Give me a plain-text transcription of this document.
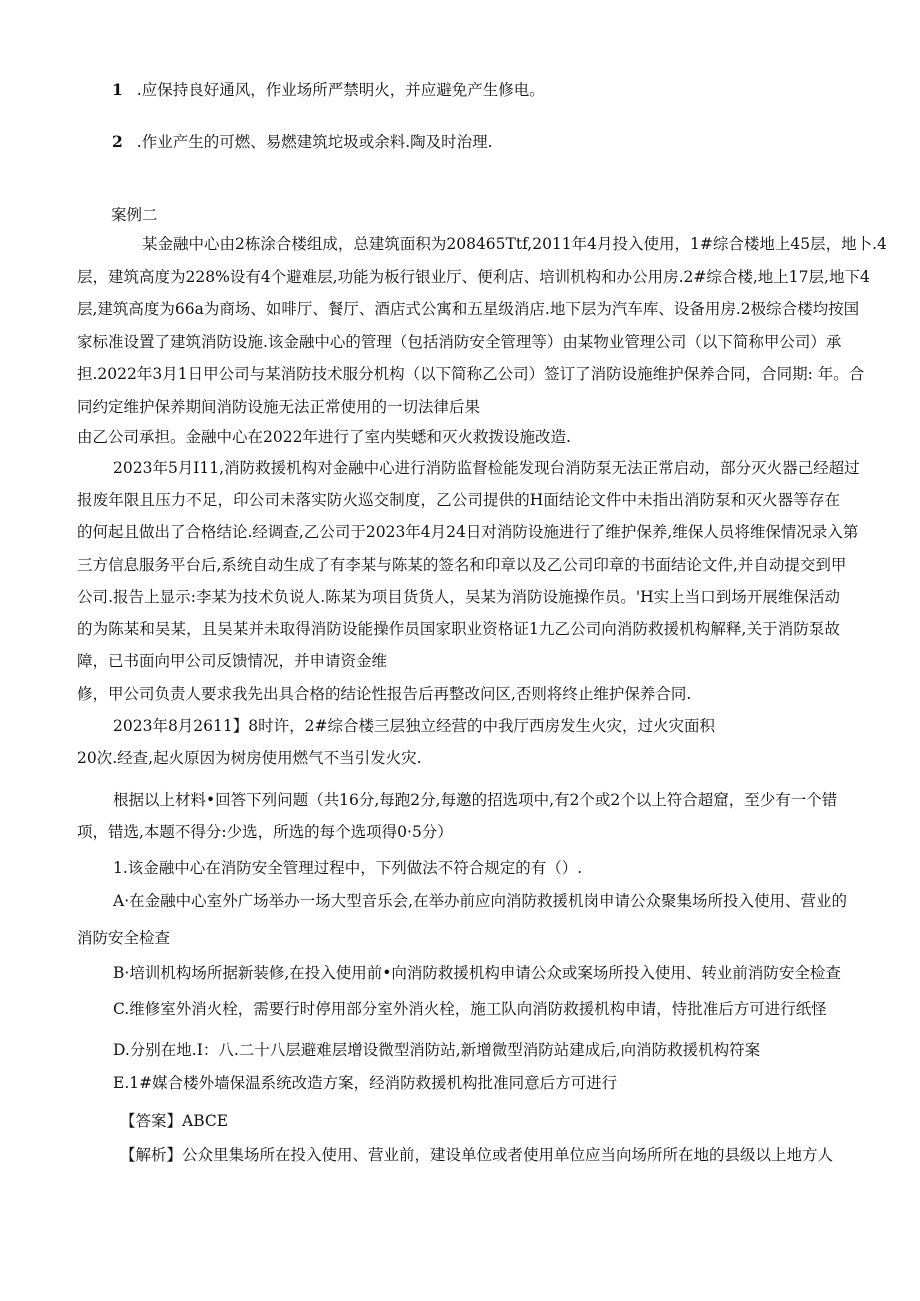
1 .应保持良好通风，作业场所严禁明火，并应避免产生修电。
2 .作业产生的可燃、易燃建筑坨圾或余料.陶及时治理.
案例二
某金融中心由2栋涂合楼组成，总建筑面积为208465Ttf,2011年4月投入使用，1#综合楼地上45层，地卜.4
层，建筑高度为228%设有4个避难层,功能为板行银业厅、便利店、培训机构和办公用房.2#综合楼,地上17层,地下4
层,建筑高度为66a为商场、如啡厅、餐厅、酒店式公寓和五星级消店.地下层为汽车库、设备用房.2极综合楼均按国
家标准设置了建筑消防设施.该金融中心的管理（包括消防安全管理等）由某物业管理公司（以下简称甲公司）承
担.2022年3月1日甲公司与某消防技术服分机构（以下简称乙公司）签订了消防设施维护保养合同，合同期: 年。合
同约定维护保养期间消防设施无法正常使用的一切法律后果
由乙公司承担。金融中心在2022年进行了室内奘蟋和灭火救拨设施改造.
2023年5月I11,消防救援机构对金融中心进行消防监督检能发现台消防泵无法正常启动，部分灭火器己经超过
报废年限且压力不足，印公司未落实防火巡交制度，乙公司提供的H面结论文件中未指出消防泵和灭火器等存在
的何起且做出了合格结论.经调查,乙公司于2023年4月24日对消防设施进行了维护保养,维保人员将维保情况录入第
三方信息服务平台后,系统自动生成了有李某与陈某的签名和印章以及乙公司印章的书面结论文件,并自动提交到甲
公司.报告上显示:李某为技术负说人.陈某为项目货货人，吴某为消防设施操作员。'H实上当口到场开展维保活动
的为陈某和吴某，且吴某并未取得消防设能操作员国家职业资格证1九乙公司向消防救援机构解释,关于消防泵故
障，已书面向甲公司反馈情况，并申请资金维
修，甲公司负责人要求我先出具合格的结论性报告后再整改问区,否则将终止维护保养合同.
2023年8月2611】8时许，2#综合楼三层独立经营的中我厅西房发生火灾，过火灾面积
20次.经查,起火原因为树房使用燃气不当引发火灾.
根据以上材料•回答下列问题（共16分,每跑2分,每邀的招选项中,有2个或2个以上符合超窟，至少有一个错
项，错选,本题不得分:少选，所选的每个选项得0·5分）
1.该金融中心在消防安全管理过程中，下列做法不符合规定的有（）.
A·在金融中心室外广场举办一场大型音乐会,在举办前应向消防救援机岗申请公众聚集场所投入使用、营业的
消防安全检查
B·培训机构场所据新装修,在投入使用前•向消防救援机构申请公众或案场所投入使用、转业前消防安全检查
C.维修室外消火栓，需要行时停用部分室外消火栓，施工队向消防救援机构申请，恃批准后方可进行纸怪
D.分别在地.I：八.二十八层避难层增设微型消防站,新增微型消防站建成后,向消防救援机构符案
E.1#媒合楼外墙保温系统改造方案，经消防救援机构批准同意后方可进行
【答案】ABCE
【解析】公众里集场所在投入使用、营业前，建设单位或者使用单位应当向场所所在地的县级以上地方人
